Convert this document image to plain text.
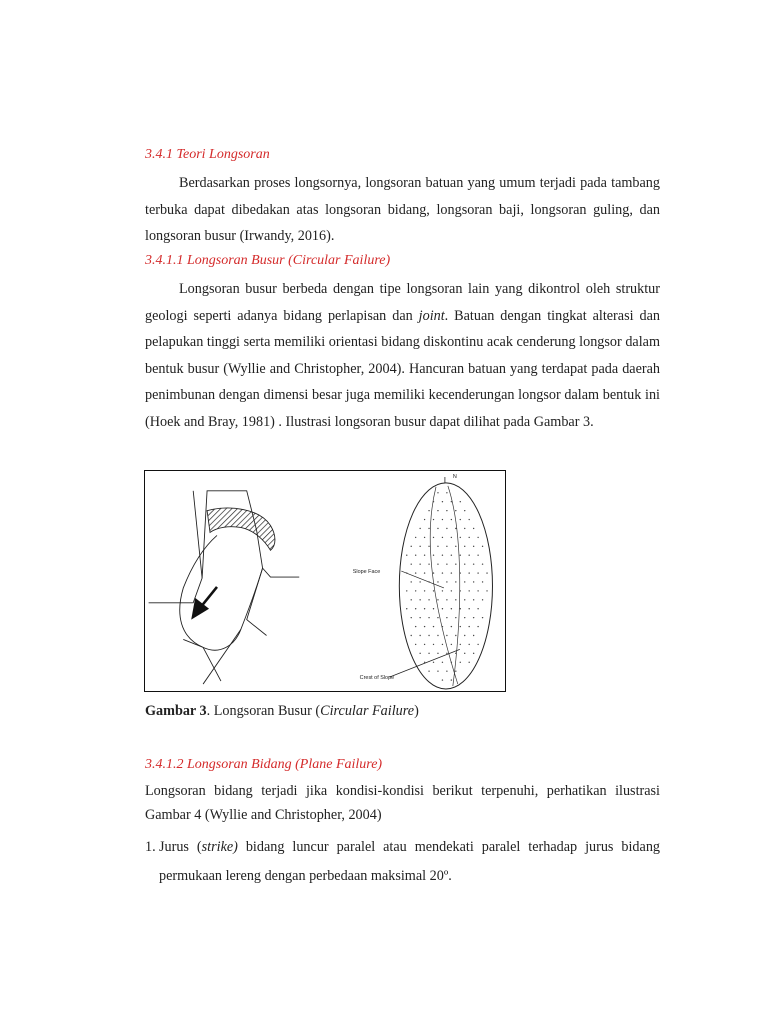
3.4.1 Teori Longsoran

Berdasarkan proses longsornya, longsoran batuan yang umum terjadi pada tambang terbuka dapat dibedakan atas longsoran bidang, longsoran baji, longsoran guling, dan longsoran busur (Irwandy, 2016).

3.4.1.1 Longsoran Busur (Circular Failure)

Longsoran busur berbeda dengan tipe longsoran lain yang dikontrol oleh struktur geologi seperti adanya bidang perlapisan dan joint. Batuan dengan tingkat alterasi dan pelapukan tinggi serta memiliki orientasi bidang diskontinu acak cenderung longsor dalam bentuk busur (Wyllie and Christopher, 2004). Hancuran batuan yang terdapat pada daerah penimbunan dengan dimensi besar juga memiliki kecenderungan longsor dalam bentuk ini (Hoek and Bray, 1981) . Ilustrasi longsoran busur dapat dilihat pada Gambar 3.

N
Slope Face
Crest of Slope
Gambar 3. Longsoran Busur (Circular Failure)
3.4.1.2 Longsoran Bidang (Plane Failure)

Longsoran bidang terjadi jika kondisi-kondisi berikut terpenuhi, perhatikan ilustrasi Gambar 4 (Wyllie and Christopher, 2004)

1. Jurus (strike) bidang luncur paralel atau mendekati paralel terhadap jurus bidang permukaan lereng dengan perbedaan maksimal 20º.
